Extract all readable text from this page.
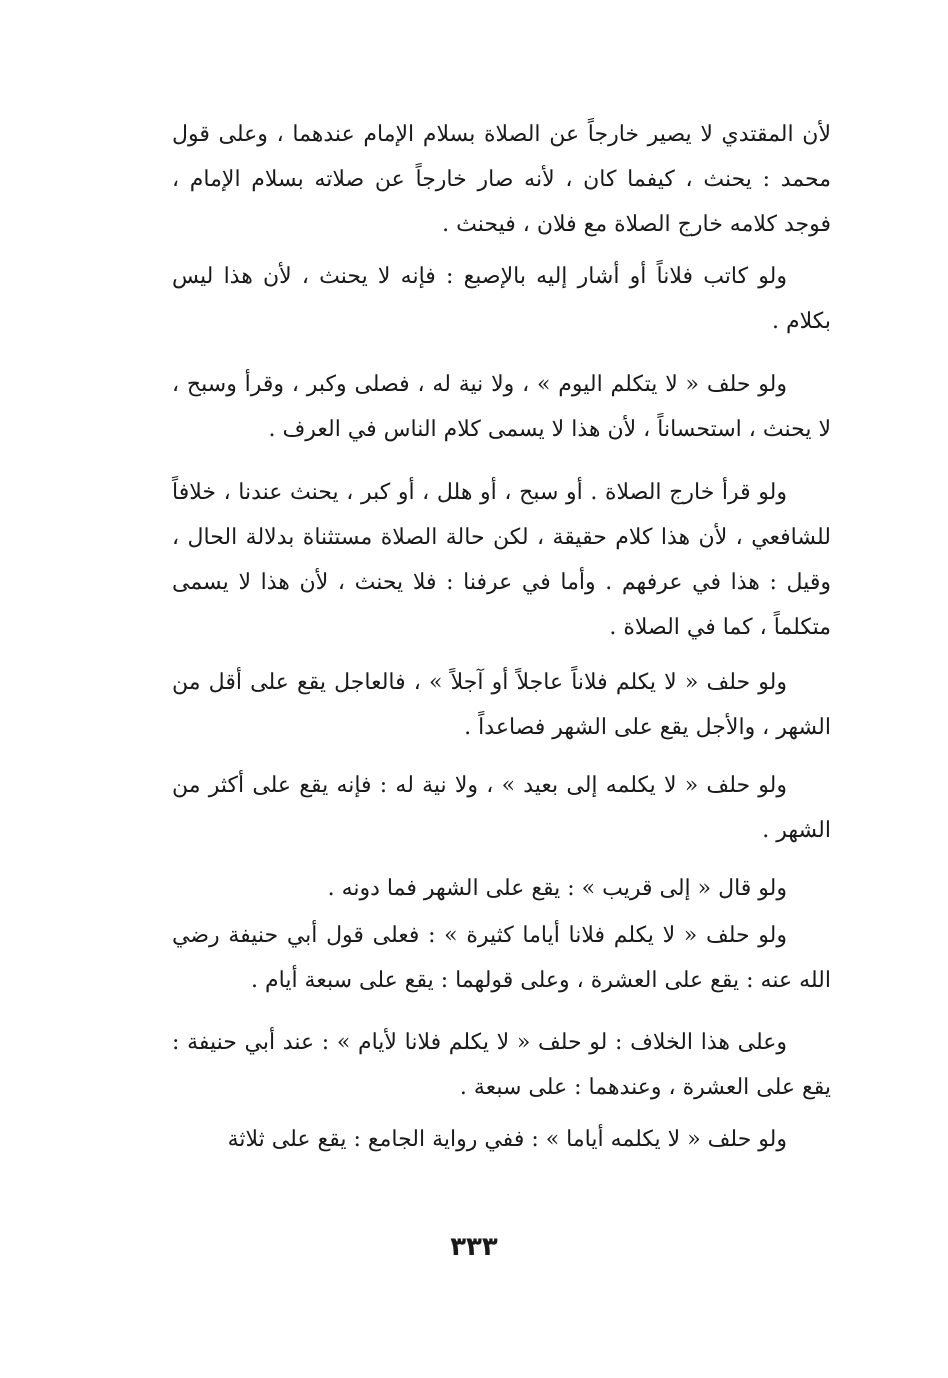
لأن المقتدي لا يصير خارجاً عن الصلاة بسلام الإمام عندهما ، وعلى قول محمد : يحنث ، كيفما كان ، لأنه صار خارجاً عن صلاته بسلام الإمام ، فوجد كلامه خارج الصلاة مع فلان ، فيحنث .

ولو كاتب فلاناً أو أشار إليه بالإصبع : فإنه لا يحنث ، لأن هذا ليس بكلام .

ولو حلف « لا يتكلم اليوم » ، ولا نية له ، فصلى وكبر ، وقرأ وسبح ، لا يحنث ، استحساناً ، لأن هذا لا يسمى كلام الناس في العرف .

ولو قرأ خارج الصلاة . أو سبح ، أو هلل ، أو كبر ، يحنث عندنا ، خلافاً للشافعي ، لأن هذا كلام حقيقة ، لكن حالة الصلاة مستثناة بدلالة الحال ، وقيل : هذا في عرفهم . وأما في عرفنا : فلا يحنث ، لأن هذا لا يسمى متكلماً ، كما في الصلاة .

ولو حلف « لا يكلم فلاناً عاجلاً أو آجلاً » ، فالعاجل يقع على أقل من الشهر ، والأجل يقع على الشهر فصاعداً .

ولو حلف « لا يكلمه إلى بعيد » ، ولا نية له : فإنه يقع على أكثر من الشهر .

ولو قال « إلى قريب » : يقع على الشهر فما دونه .

ولو حلف « لا يكلم فلانا أياما كثيرة » : فعلى قول أبي حنيفة رضي الله عنه : يقع على العشرة ، وعلى قولهما : يقع على سبعة أيام .

وعلى هذا الخلاف : لو حلف « لا يكلم فلانا لأيام » : عند أبي حنيفة : يقع على العشرة ، وعندهما : على سبعة .

ولو حلف « لا يكلمه أياما » : ففي رواية الجامع : يقع على ثلاثة

٣٣٣
